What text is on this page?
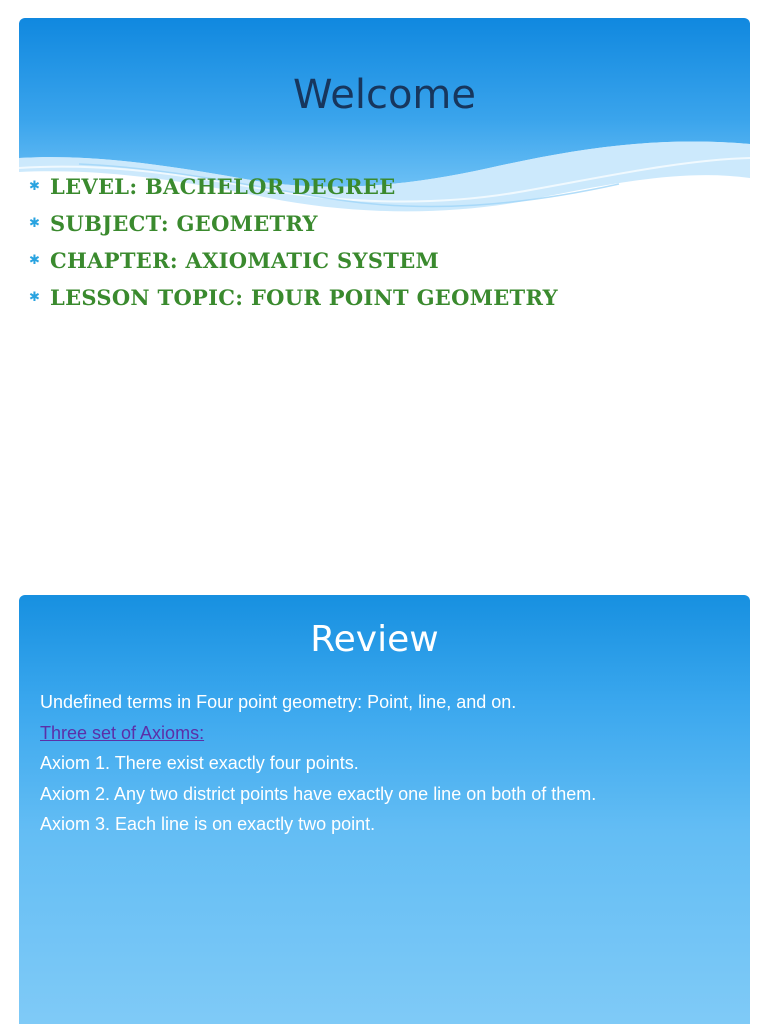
Welcome
✱ LEVEL: BACHELOR DEGREE
✱ SUBJECT: GEOMETRY
✱ CHAPTER: AXIOMATIC SYSTEM
✱ LESSON TOPIC: FOUR POINT GEOMETRY
Review
Undefined terms in Four point geometry: Point, line, and on.
Three set of Axioms:
Axiom 1. There exist exactly four points.
Axiom 2. Any two district points have exactly one line on both of them.
Axiom 3. Each line is on exactly two point.
